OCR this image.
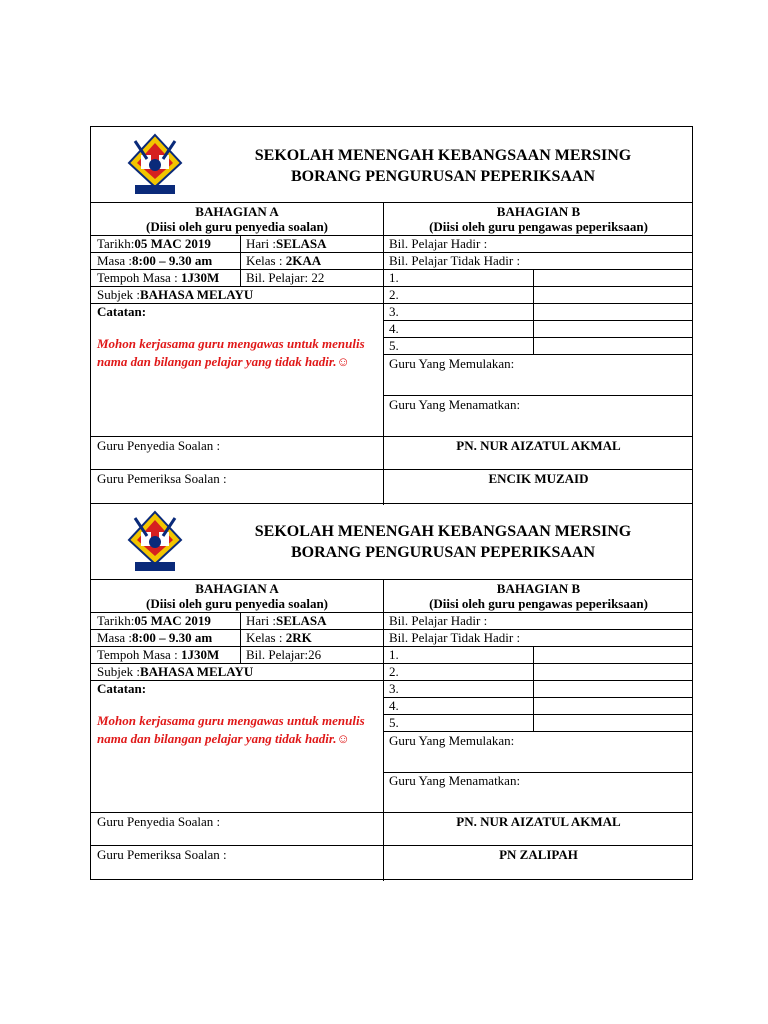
SEKOLAH MENENGAH KEBANGSAAN MERSING
BORANG PENGURUSAN PEPERIKSAAN
BAHAGIAN A
(Diisi oleh guru penyedia soalan)
BAHAGIAN B
(Diisi oleh guru pengawas peperiksaan)
Tarikh:05 MAC 2019	Hari :SELASA	Bil. Pelajar Hadir :
Masa :8:00 – 9.30 am	Kelas : 2KAA	Bil. Pelajar Tidak Hadir :
Tempoh Masa : 1J30M Bil. Pelajar: 22	1.
Subjek :BAHASA MELAYU	2.
Catatan:
Mohon kerjasama guru mengawas untuk menulis nama dan bilangan pelajar yang tidak hadir.☺
3.
4.
5.
Guru Yang Memulakan:
Guru Yang Menamatkan:
Guru Penyedia Soalan :	PN. NUR AIZATUL AKMAL
Guru Pemeriksa Soalan :	ENCIK MUZAID
SEKOLAH MENENGAH KEBANGSAAN MERSING
BORANG PENGURUSAN PEPERIKSAAN
BAHAGIAN A
(Diisi oleh guru penyedia soalan)
BAHAGIAN B
(Diisi oleh guru pengawas peperiksaan)
Tarikh:05 MAC 2019	Hari :SELASA	Bil. Pelajar Hadir :
Masa :8:00 – 9.30 am	Kelas : 2RK	Bil. Pelajar Tidak Hadir :
Tempoh Masa : 1J30M Bil. Pelajar:26	1.
Subjek :BAHASA MELAYU	2.
Catatan:
Mohon kerjasama guru mengawas untuk menulis nama dan bilangan pelajar yang tidak hadir.☺
3.
4.
5.
Guru Yang Memulakan:
Guru Yang Menamatkan:
Guru Penyedia Soalan :	PN. NUR AIZATUL AKMAL
Guru Pemeriksa Soalan :	PN ZALIPAH
